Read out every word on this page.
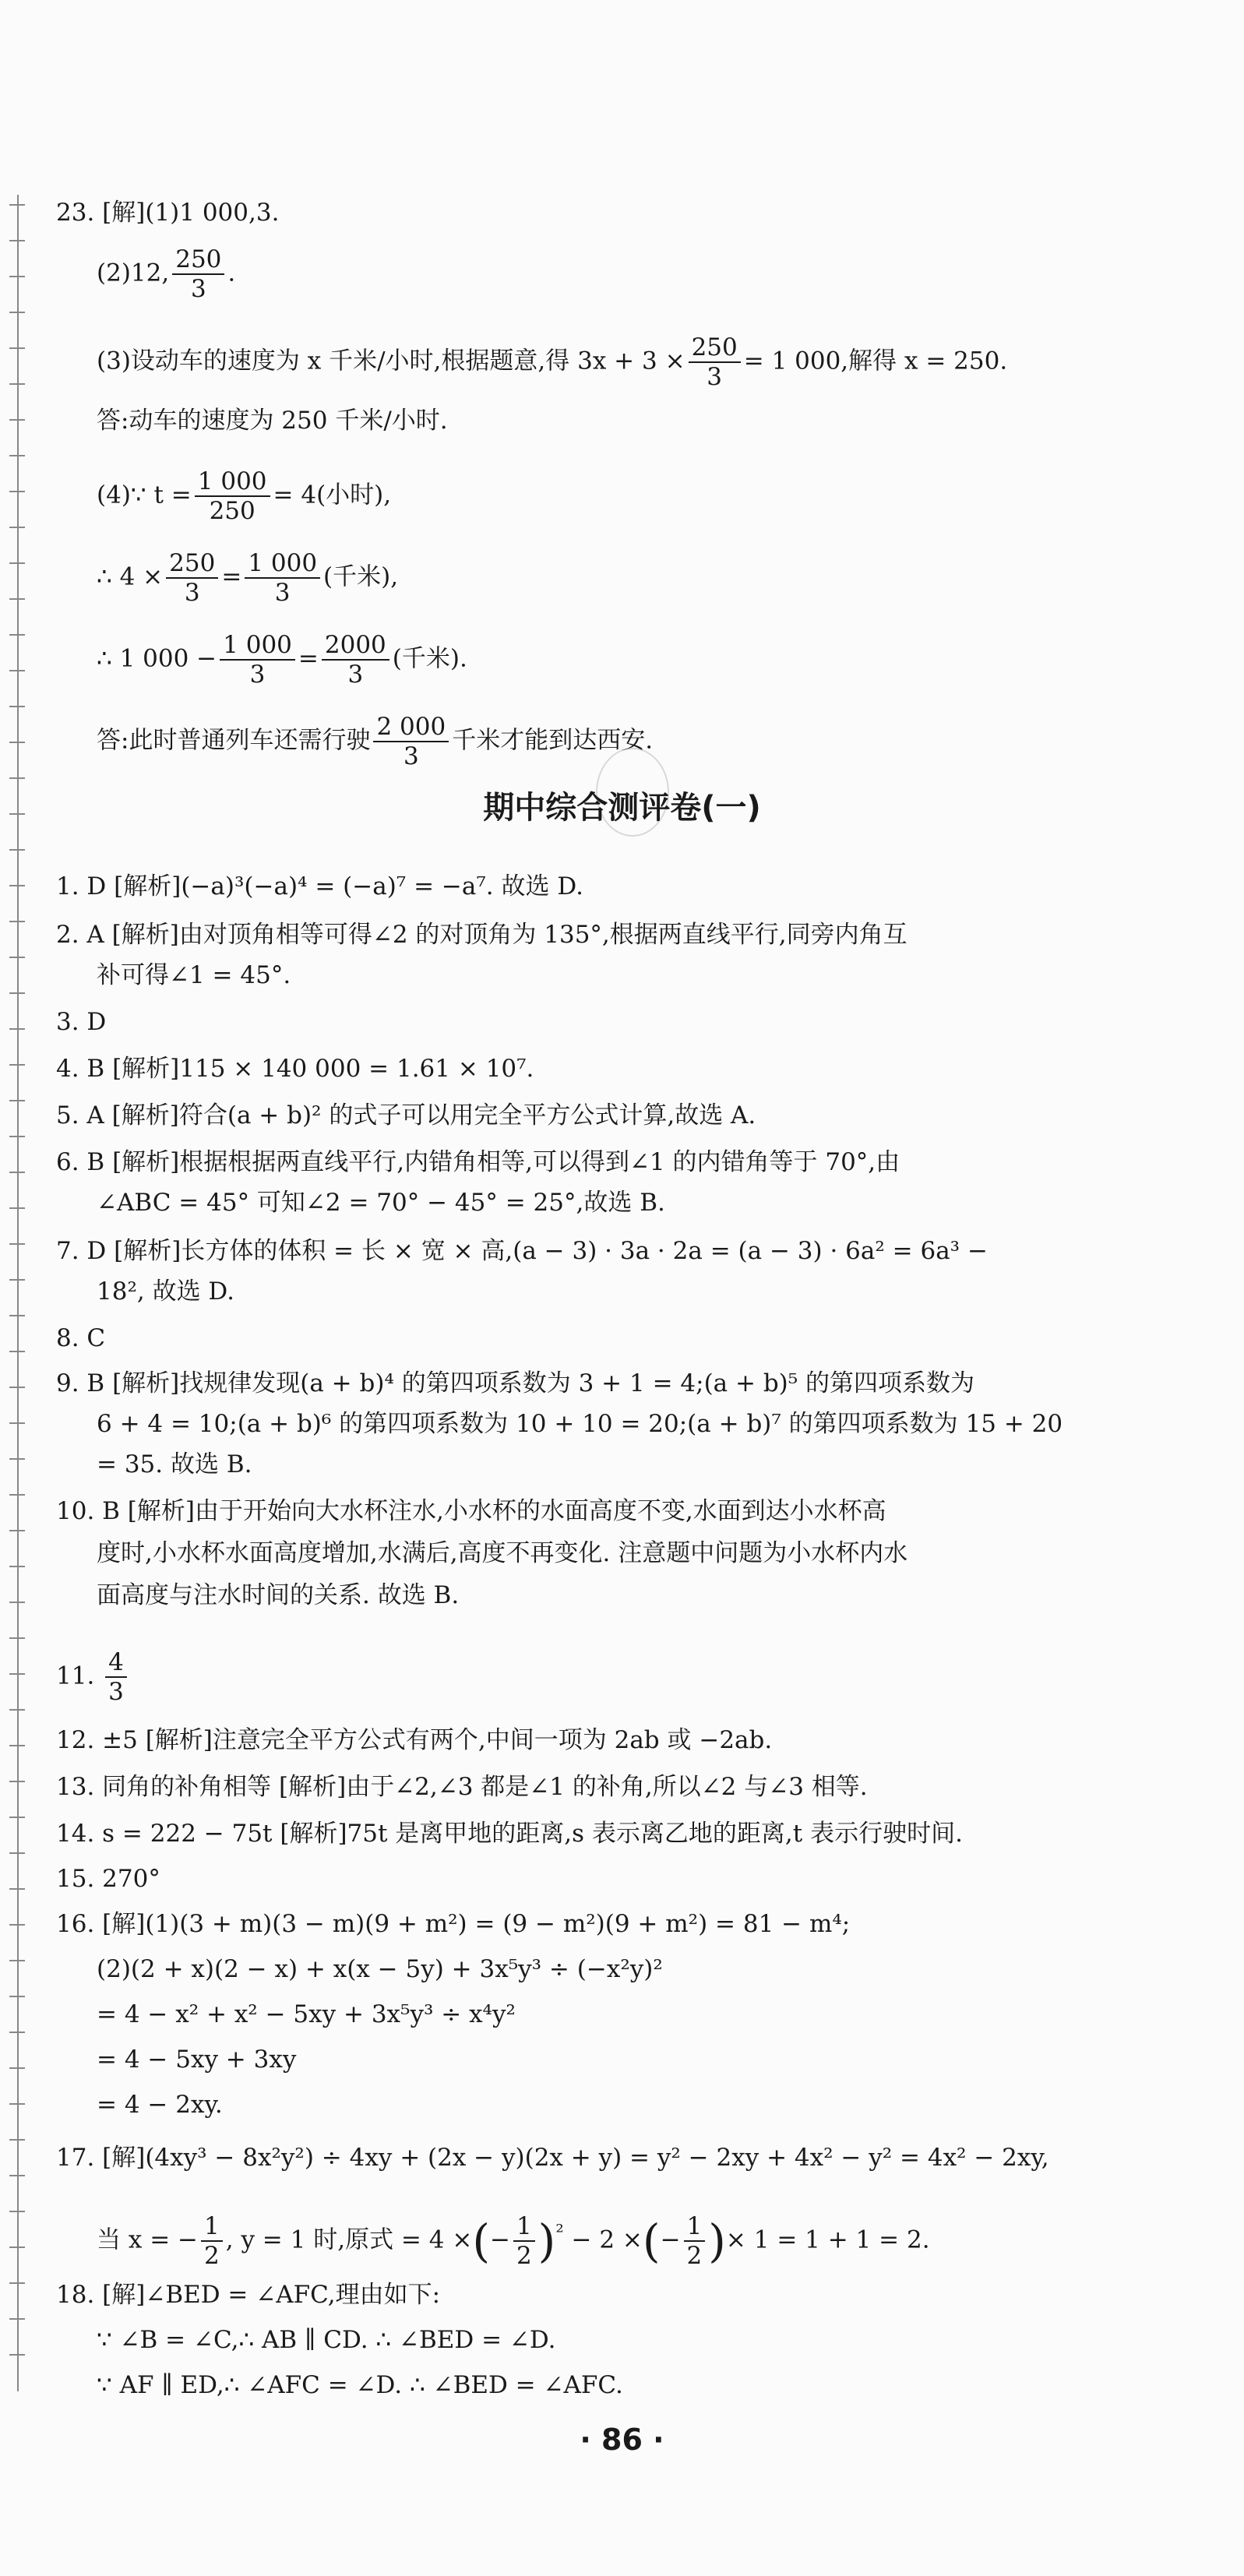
23. [解](1)1 000,3.
(2)12, $\frac{250}{3}$ .
(3)设动车的速度为 x 千米/小时,根据题意,得 $3x + 3 \times \frac{250}{3} = 1$ 000,解得 x = 250.
答:动车的速度为 250 千米/小时.
(4)∵ $t = \frac{1 000}{250} = 4$(小时),
∴ $4 \times \frac{250}{3} = \frac{1 000}{3}$ (千米),
∴ 1 $000 - \frac{1 000}{3} = \frac{2000}{3}$ (千米).
答:此时普通列车还需行驶 $\frac{2 000}{3}$ 千米才能到达西安.
期中综合测评卷(一)
1. D [解析](−a)³(−a)⁴ = (−a)⁷ = −a⁷. 故选 D.
2. A [解析]由对顶角相等可得∠2 的对顶角为 135°,根据两直线平行,同旁内角互
补可得∠1 = 45°.
3. D
4. B [解析]115 × 140 000 = 1.61 × 10⁷.
5. A [解析]符合(a + b)² 的式子可以用完全平方公式计算,故选 A.
6. B [解析]根据根据两直线平行,内错角相等,可以得到∠1 的内错角等于 70°,由
∠ABC = 45° 可知∠2 = 70° − 45° = 25°,故选 B.
7. D [解析]长方体的体积 = 长 × 宽 × 高,(a − 3) · 3a · 2a = (a − 3) · 6a² = 6a³ −
18², 故选 D.
8. C
9. B [解析]找规律发现(a + b)⁴ 的第四项系数为 3 + 1 = 4;(a + b)⁵ 的第四项系数为
6 + 4 = 10;(a + b)⁶ 的第四项系数为 10 + 10 = 20;(a + b)⁷ 的第四项系数为 15 + 20
= 35. 故选 B.
10. B [解析]由于开始向大水杯注水,小水杯的水面高度不变,水面到达小水杯高
度时,小水杯水面高度增加,水满后,高度不再变化. 注意题中问题为小水杯内水
面高度与注水时间的关系. 故选 B.
11. $\frac{4}{3}$
12. ±5 [解析]注意完全平方公式有两个,中间一项为 2ab 或 −2ab.
13. 同角的补角相等 [解析]由于∠2,∠3 都是∠1 的补角,所以∠2 与∠3 相等.
14. s = 222 − 75t [解析]75t 是离甲地的距离,s 表示离乙地的距离,t 表示行驶时间.
15. 270°
16. [解](1)(3 + m)(3 − m)(9 + m²) = (9 − m²)(9 + m²) = 81 − m⁴;
(2)(2 + x)(2 − x) + x(x − 5y) + 3x⁵y³ ÷ (−x²y)²
= 4 − x² + x² − 5xy + 3x⁵y³ ÷ x⁴y²
= 4 − 5xy + 3xy
= 4 − 2xy.
17. [解](4xy³ − 8x²y²) ÷ 4xy + (2x − y)(2x + y) = y² − 2xy + 4x² − y² = 4x² − 2xy,
当 x = − $\frac{1}{2}$ , y = 1 时,原式 = 4 ×(− $\frac{1}{2} )^{^2} - 2$ ×(− $\frac{1}{2}$ )× 1 = 1 + 1 = 2.
18. [解]∠BED = ∠AFC,理由如下:
∵ ∠B = ∠C,∴ AB ∥ CD. ∴ ∠BED = ∠D.
∵ AF ∥ ED,∴ ∠AFC = ∠D. ∴ ∠BED = ∠AFC.
· 86 ·
